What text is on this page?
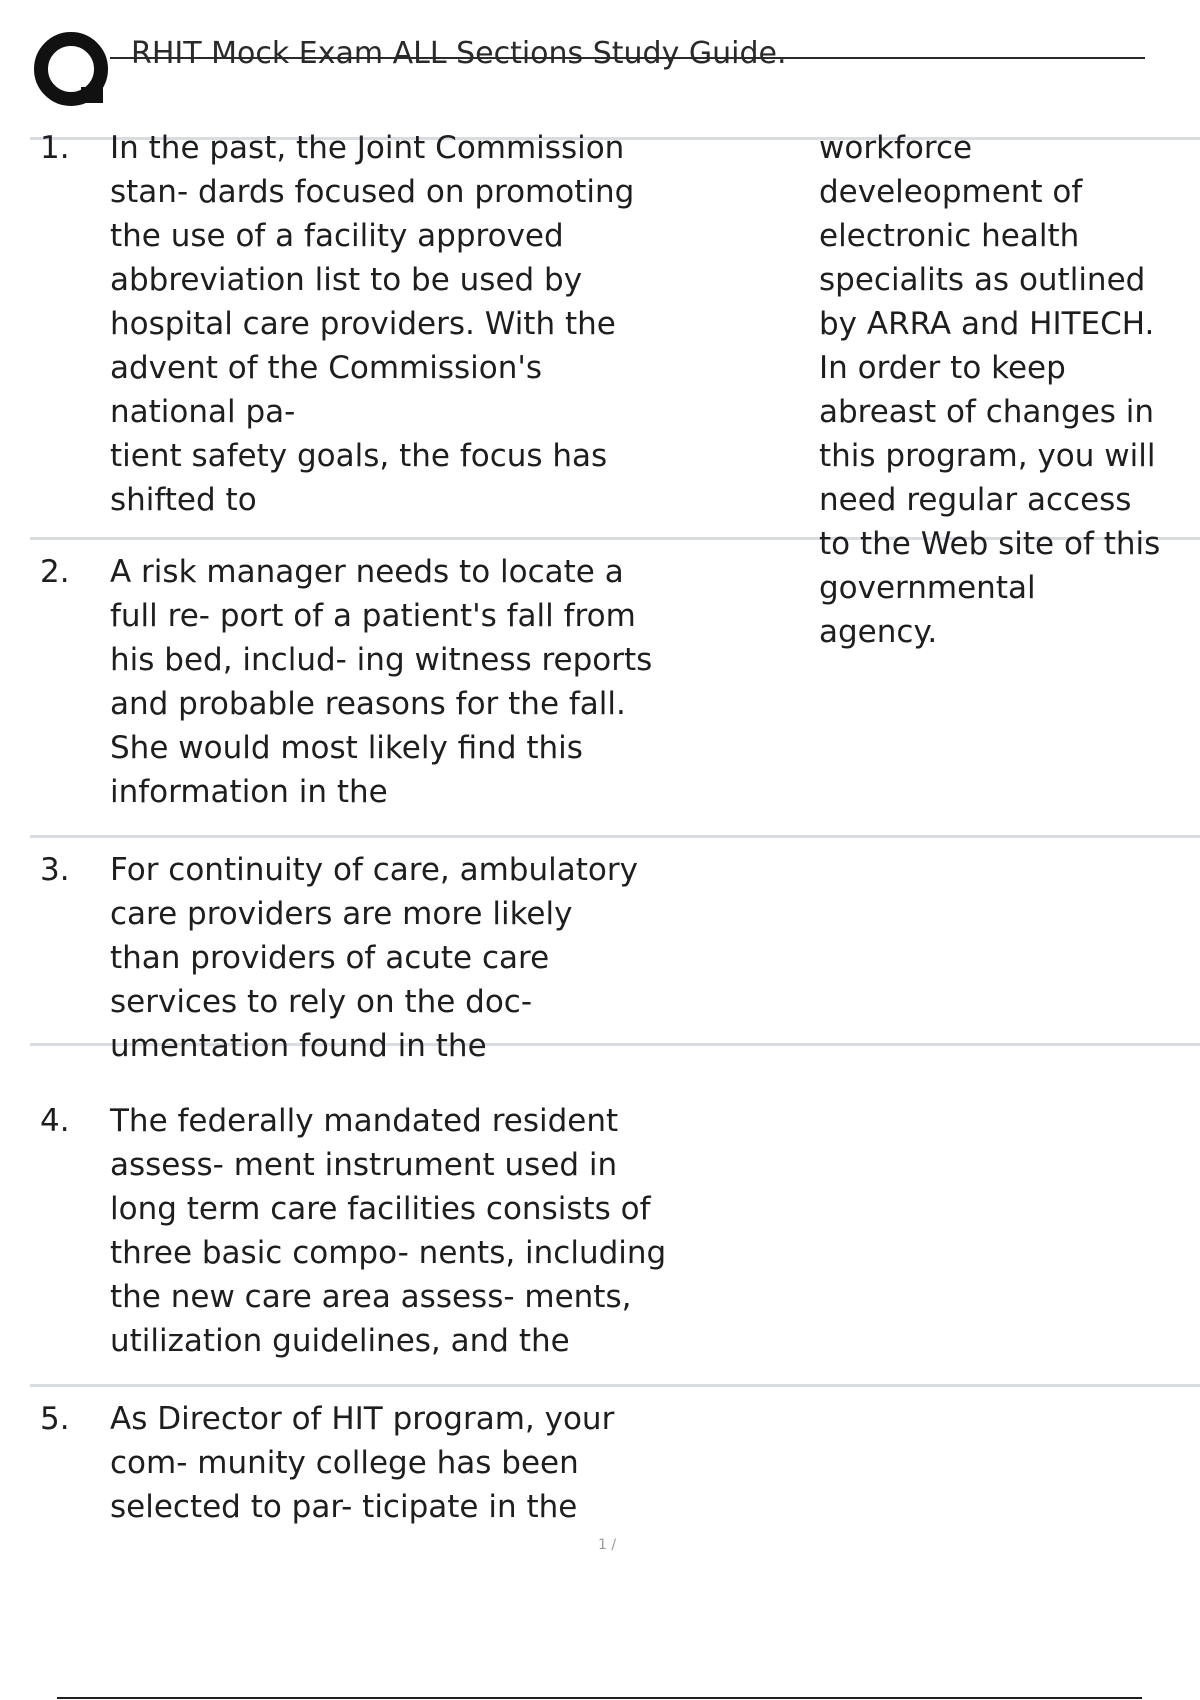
RHIT Mock Exam ALL Sections Study Guide.
1. In the past, the Joint Commission
stan- dards focused on promoting
the use of a facility approved
abbreviation list to be used by
hospital care providers. With the
advent of the Commission's
national pa-
tient safety goals, the focus has
shifted to
workforce
develeopment of
electronic health
specialits as outlined
by ARRA and HITECH.
In order to keep
abreast of changes in
this program, you will
need regular access
to the Web site of this
governmental
agency.
2. A risk manager needs to locate a
full re- port of a patient's fall from
his bed, includ- ing witness reports
and probable reasons for the fall.
She would most likely find this
information in the
3. For continuity of care, ambulatory
care providers are more likely
than providers of acute care
services to rely on the doc-
umentation found in the
4. The federally mandated resident
assess- ment instrument used in
long term care facilities consists of
three basic compo- nents, including
the new care area assess- ments,
utilization guidelines, and the
5. As Director of HIT program, your
com- munity college has been
selected to par- ticipate in the
1 /
